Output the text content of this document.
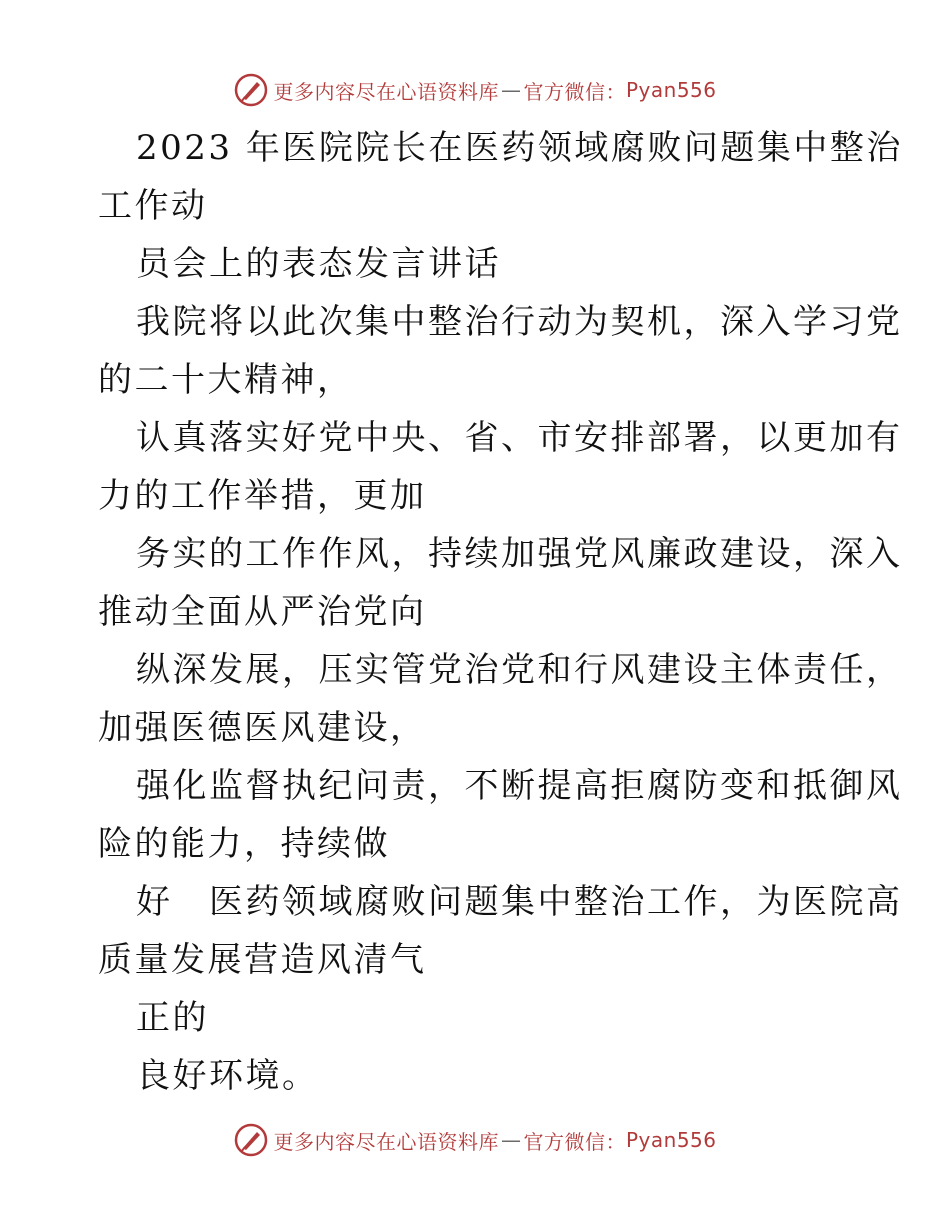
更多内容尽在心语资料库 — 官方微信： Pyan556
2023 年医院院长在医药领域腐败问题集中整治
工作动
员会上的表态发言讲话
我院将以此次集中整治行动为契机，深入学习党
的二十大精神，
认真落实好党中央、省、市安排部署，以更加有
力的工作举措，更加
务实的工作作风，持续加强党风廉政建设，深入
推动全面从严治党向
纵深发展，压实管党治党和行风建设主体责任，
加强医德医风建设，
强化监督执纪问责，不断提高拒腐防变和抵御风
险的能力，持续做
好　医药领域腐败问题集中整治工作，为医院高
质量发展营造风清气
正的
良好环境。
更多内容尽在心语资料库 — 官方微信： Pyan556
